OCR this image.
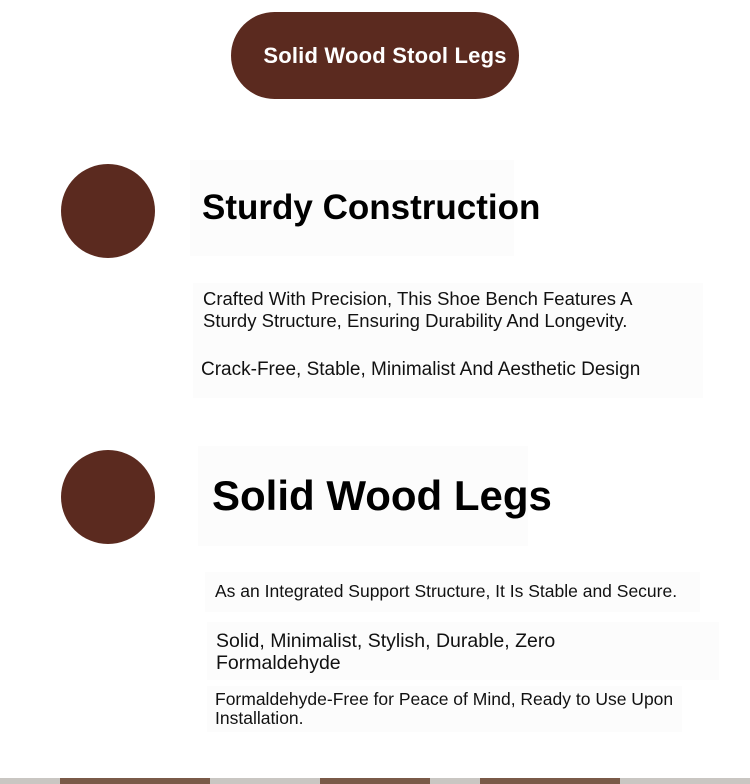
Solid Wood Stool Legs
Sturdy Construction
Crafted With Precision, This Shoe Bench Features A
Sturdy Structure, Ensuring Durability And Longevity.
Crack-Free, Stable, Minimalist And Aesthetic Design
Solid Wood Legs
As an Integrated Support Structure, It Is Stable and Secure.
Solid, Minimalist, Stylish, Durable, Zero
Formaldehyde
Formaldehyde-Free for Peace of Mind, Ready to Use Upon
Installation.
